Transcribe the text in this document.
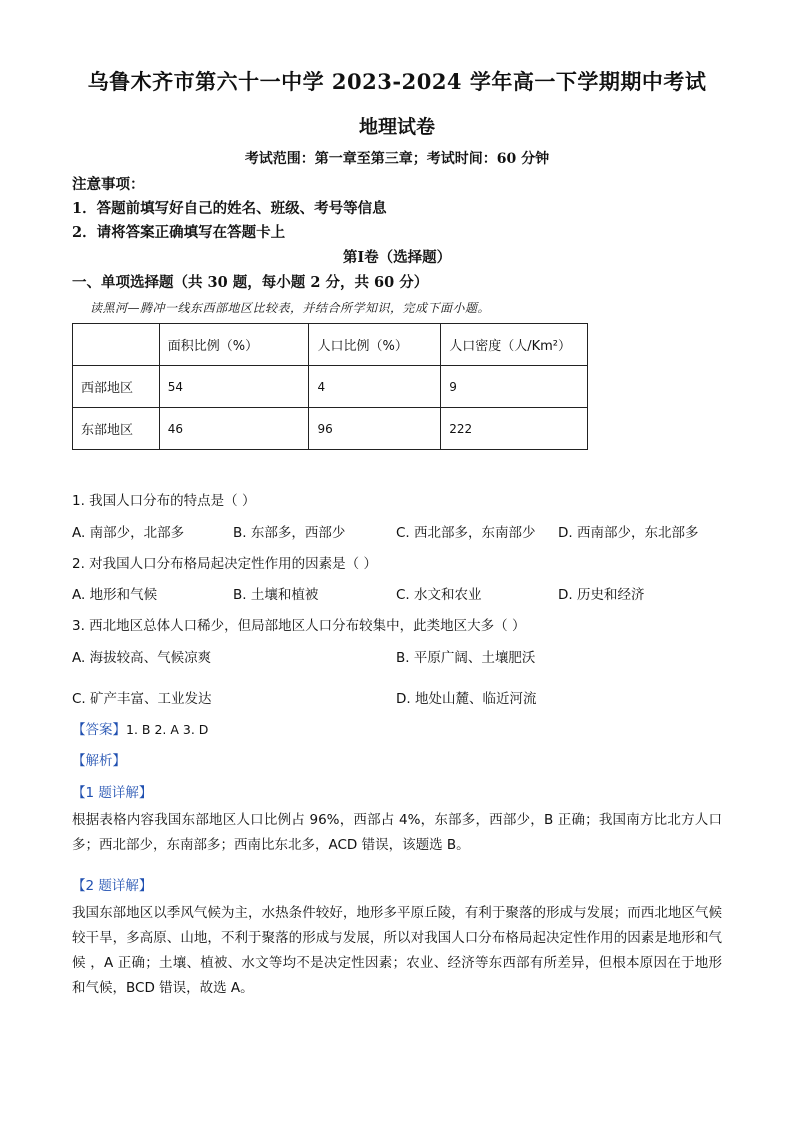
乌鲁木齐市第六十一中学 2023-2024 学年高一下学期期中考试
地理试卷
考试范围：第一章至第三章；考试时间：60 分钟
注意事项：
1．答题前填写好自己的姓名、班级、考号等信息
2．请将答案正确填写在答题卡上
第Ⅰ卷（选择题）
一、单项选择题（共 30 题，每小题 2 分，共 60 分）
读黑河—腾冲一线东西部地区比较表，并结合所学知识，完成下面小题。
	面积比例（%）	人口比例（%）	人口密度（人/Km²）
西部地区	54	4	9
东部地区	46	96	222
1. 我国人口分布的特点是（ ）
A. 南部少，北部多	B. 东部多，西部少	C. 西北部多，东南部少 D. 西南部少，东北部多
2. 对我国人口分布格局起决定性作用的因素是（ ）
A. 地形和气候	B. 土壤和植被	C. 水文和农业	D. 历史和经济
3. 西北地区总体人口稀少，但局部地区人口分布较集中，此类地区大多（ ）
A. 海拔较高、气候凉爽	B. 平原广阔、土壤肥沃
C. 矿产丰富、工业发达	D. 地处山麓、临近河流
【答案】1. B 2. A 3. D
【解析】
【1 题详解】
根据表格内容我国东部地区人口比例占 96%，西部占 4%，东部多，西部少，B 正确；我国南方比北方人口多；西北部少，东南部多；西南比东北多，ACD 错误，该题选 B。
【2 题详解】
我国东部地区以季风气候为主，水热条件较好，地形多平原丘陵，有利于聚落的形成与发展；而西北地区气候较干旱，多高原、山地，不利于聚落的形成与发展，所以对我国人口分布格局起决定性作用的因素是地形和气候 ，A 正确；土壤、植被、水文等均不是决定性因素；农业、经济等东西部有所差异，但根本原因在于地形和气候，BCD 错误，故选 A。
